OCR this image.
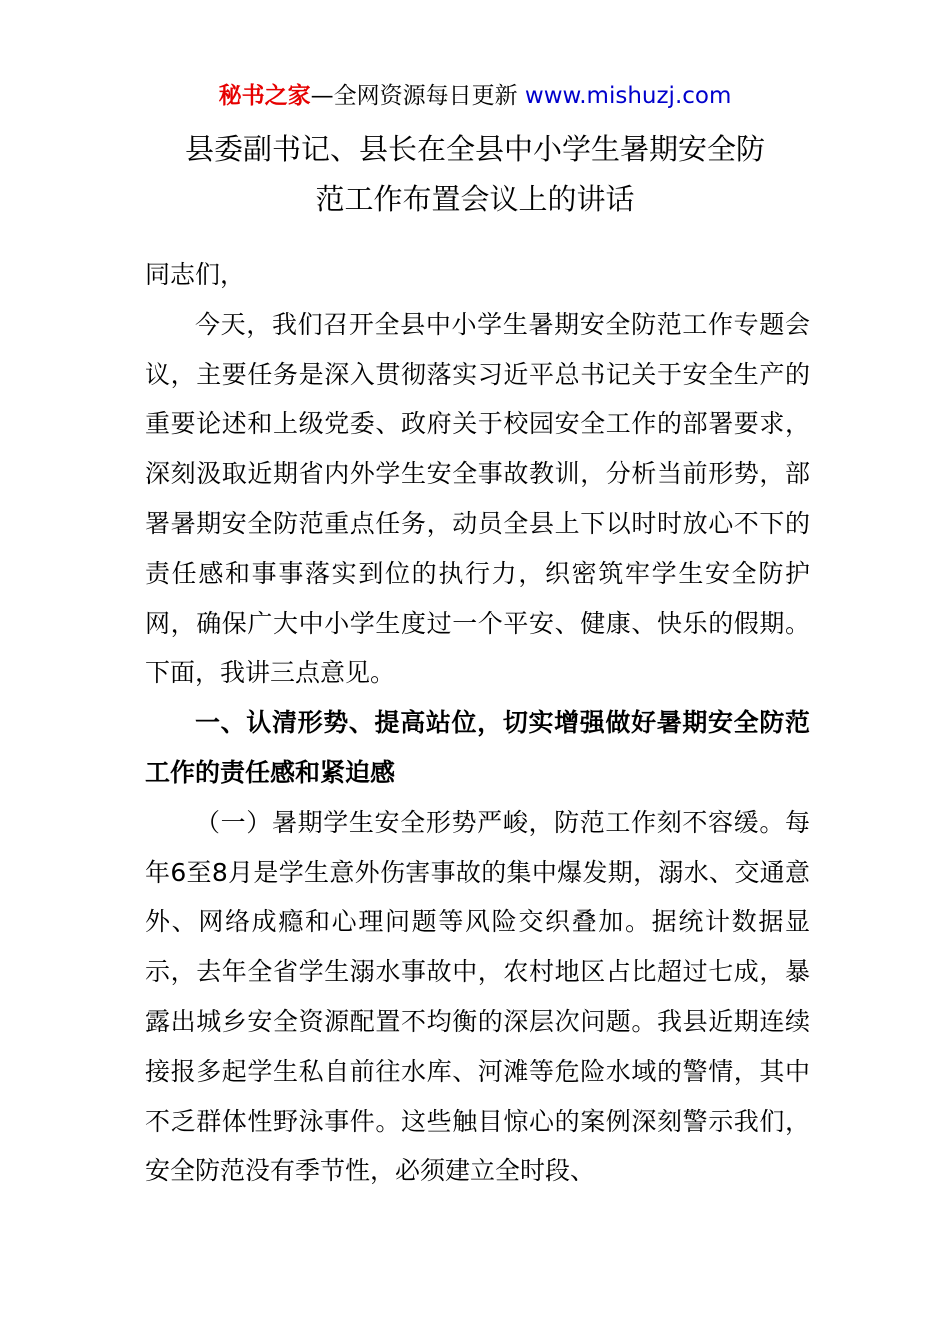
秘书之家—全网资源每日更新 www.mishuzj.com
县委副书记、县长在全县中小学生暑期安全防
范工作布置会议上的讲话

同志们，

今天，我们召开全县中小学生暑期安全防范工作专题会议，主要任务是深入贯彻落实习近平总书记关于安全生产的重要论述和上级党委、政府关于校园安全工作的部署要求，深刻汲取近期省内外学生安全事故教训，分析当前形势，部署暑期安全防范重点任务，动员全县上下以时时放心不下的责任感和事事落实到位的执行力，织密筑牢学生安全防护网，确保广大中小学生度过一个平安、健康、快乐的假期。下面，我讲三点意见。

一、认清形势、提高站位，切实增强做好暑期安全防范工作的责任感和紧迫感

（一）暑期学生安全形势严峻，防范工作刻不容缓。每年6至8月是学生意外伤害事故的集中爆发期，溺水、交通意外、网络成瘾和心理问题等风险交织叠加。据统计数据显示，去年全省学生溺水事故中，农村地区占比超过七成，暴露出城乡安全资源配置不均衡的深层次问题。我县近期连续接报多起学生私自前往水库、河滩等危险水域的警情，其中不乏群体性野泳事件。这些触目惊心的案例深刻警示我们，安全防范没有季节性，必须建立全时段、
